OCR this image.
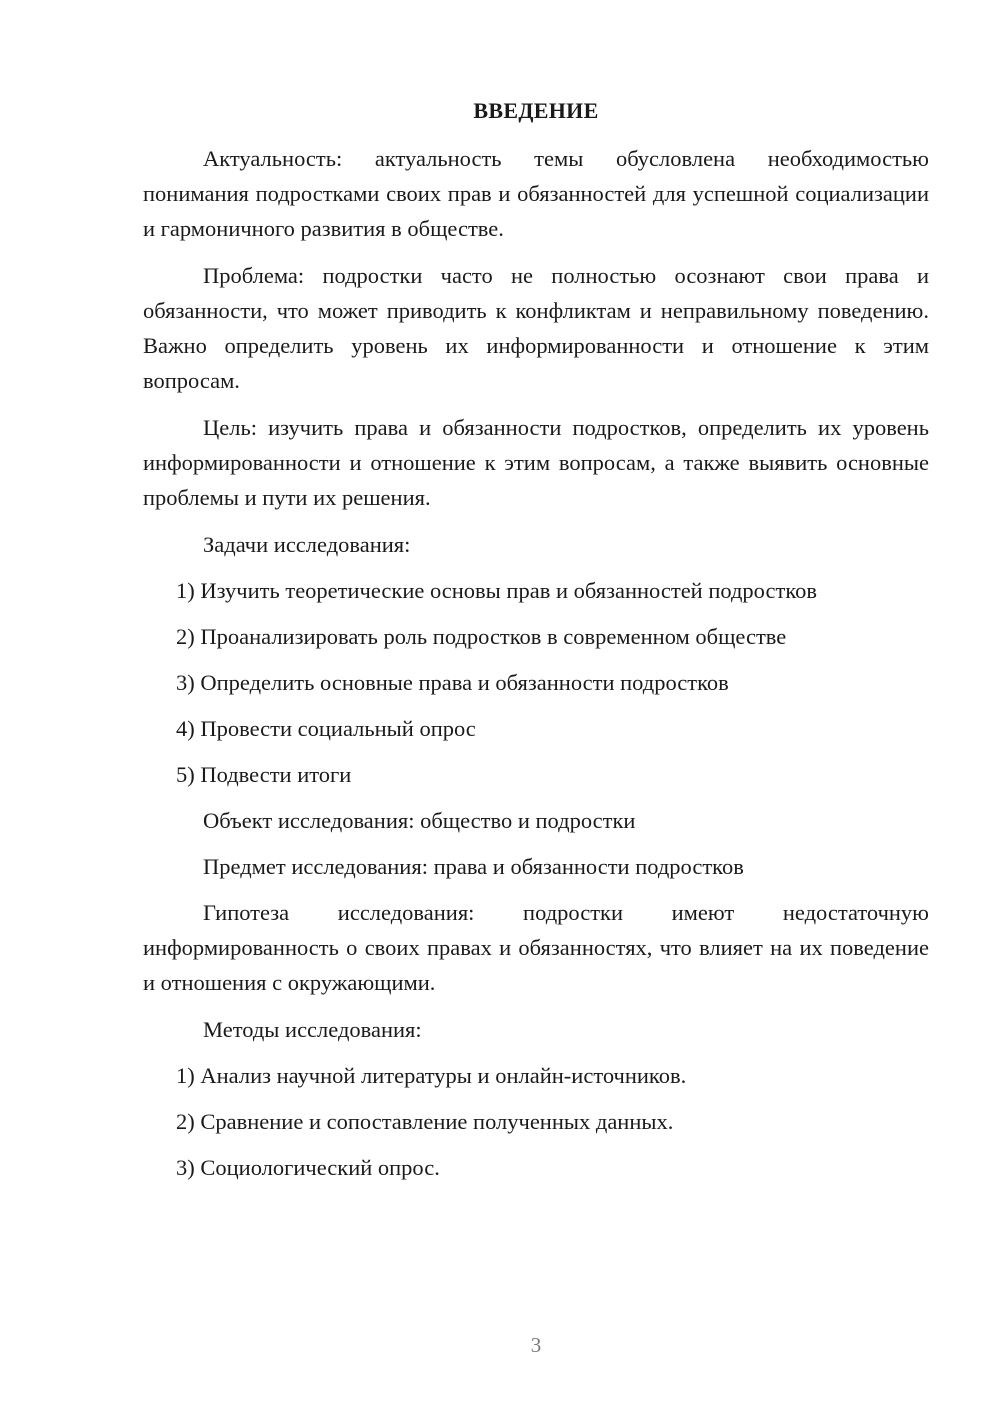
ВВЕДЕНИЕ

Актуальность: актуальность темы обусловлена необходимостью понимания подростками своих прав и обязанностей для успешной социализации и гармоничного развития в обществе.

Проблема: подростки часто не полностью осознают свои права и обязанности, что может приводить к конфликтам и неправильному поведению. Важно определить уровень их информированности и отношение к этим вопросам.

Цель: изучить права и обязанности подростков, определить их уровень информированности и отношение к этим вопросам, а также выявить основные проблемы и пути их решения.

Задачи исследования:

1) Изучить теоретические основы прав и обязанностей подростков

2) Проанализировать роль подростков в современном обществе

3) Определить основные права и обязанности подростков

4) Провести социальный опрос

5) Подвести итоги

Объект исследования: общество и подростки

Предмет исследования: права и обязанности подростков

Гипотеза исследования: подростки имеют недостаточную информированность о своих правах и обязанностях, что влияет на их поведение и отношения с окружающими.

Методы исследования:

1) Анализ научной литературы и онлайн-источников.

2) Сравнение и сопоставление полученных данных.

3) Социологический опрос.

3
